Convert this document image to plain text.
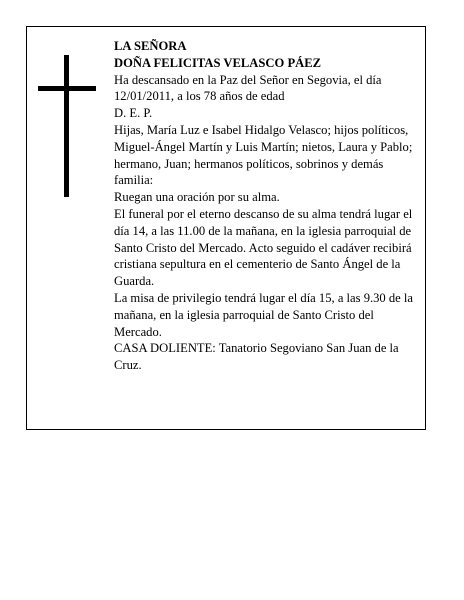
LA SEÑORA

DOÑA FELICITAS VELASCO PÁEZ

Ha descansado en la Paz del Señor en Segovia, el día 12/01/2011, a los 78 años de edad

D. E. P.

Hijas, María Luz e Isabel Hidalgo Velasco; hijos políticos, Miguel-Ángel Martín y Luis Martín; nietos, Laura y Pablo; hermano, Juan; hermanos políticos, sobrinos y demás familia:

Ruegan una oración por su alma.

El funeral por el eterno descanso de su alma tendrá lugar el día 14, a las 11.00 de la mañana, en la iglesia parroquial de Santo Cristo del Mercado. Acto seguido el cadáver recibirá cristiana sepultura en el cementerio de Santo Ángel de la Guarda.

La misa de privilegio tendrá lugar el día 15, a las 9.30 de la mañana, en la iglesia parroquial de Santo Cristo del Mercado.

CASA DOLIENTE: Tanatorio Segoviano San Juan de la Cruz.
